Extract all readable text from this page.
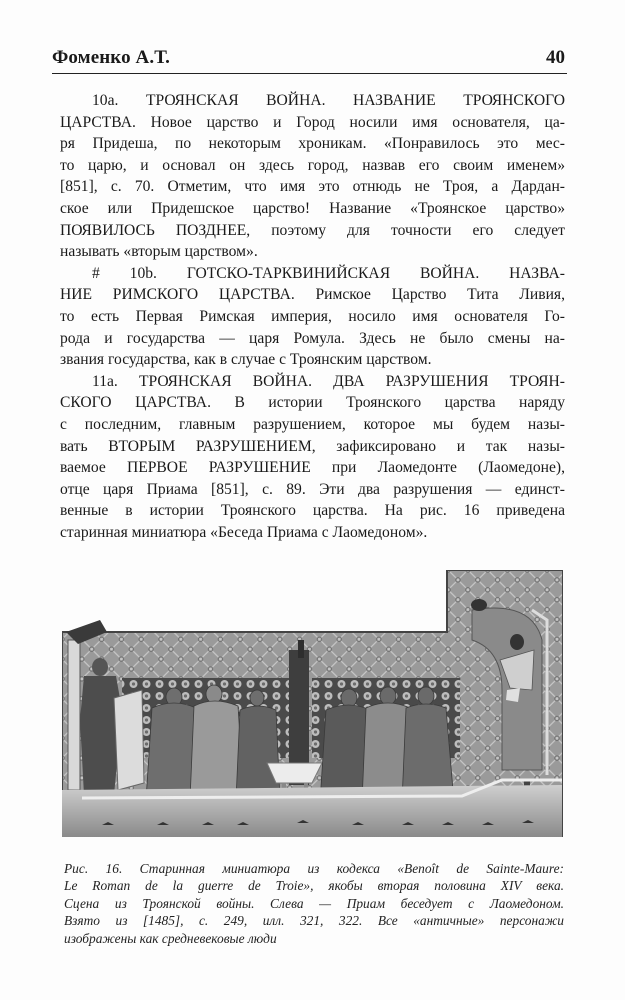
Фоменко А.Т.	40
10a. ТРОЯНСКАЯ ВОЙНА. НАЗВАНИЕ ТРОЯНСКОГО
ЦАРСТВА. Новое царство и Город носили имя основателя, ца-
ря Придеша, по некоторым хроникам. «Понравилось это мес-
то царю, и основал он здесь город, назвав его своим именем»
[851], с. 70. Отметим, что имя это отнюдь не Троя, а Дардан-
ское или Придешское царство! Название «Троянское царство»
ПОЯВИЛОСЬ ПОЗДНЕЕ, поэтому для точности его следует
называть «вторым царством».
# 10b. ГОТСКО-ТАРКВИНИЙСКАЯ ВОЙНА. НАЗВА-
НИЕ РИМСКОГО ЦАРСТВА. Римское Царство Тита Ливия,
то есть Первая Римская империя, носило имя основателя Го-
рода и государства — царя Ромула. Здесь не было смены на-
звания государства, как в случае с Троянским царством.
11a. ТРОЯНСКАЯ ВОЙНА. ДВА РАЗРУШЕНИЯ ТРОЯН-
СКОГО ЦАРСТВА. В истории Троянского царства наряду
с последним, главным разрушением, которое мы будем назы-
вать ВТОРЫМ РАЗРУШЕНИЕМ, зафиксировано и так назы-
ваемое ПЕРВОЕ РАЗРУШЕНИЕ при Лаомедонте (Лаомедоне),
отце царя Приама [851], с. 89. Эти два разрушения — единст-
венные в истории Троянского царства. На рис. 16 приведена
старинная миниатюра «Беседа Приама с Лаомедоном».
Рис. 16. Старинная миниатюра из кодекса «Benoît de Sainte-Maure:
Le Roman de la guerre de Troie», якобы вторая половина XIV века.
Сцена из Троянской войны. Слева — Приам беседует с Лаомедоном.
Взято из [1485], с. 249, илл. 321, 322. Все «античные» персонажи
изображены как средневековые люди
